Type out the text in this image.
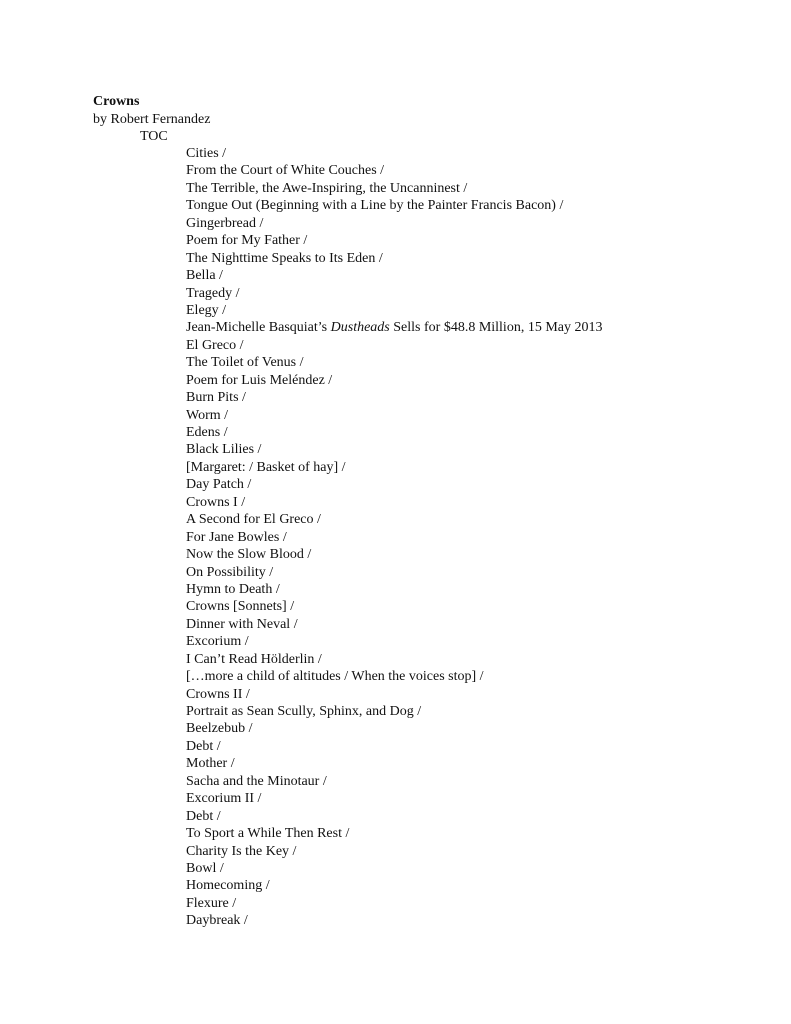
Crowns
by Robert Fernandez
TOC
Cities /
From the Court of White Couches /
The Terrible, the Awe-Inspiring, the Uncanninest /
Tongue Out (Beginning with a Line by the Painter Francis Bacon) /
Gingerbread /
Poem for My Father /
The Nighttime Speaks to Its Eden /
Bella /
Tragedy /
Elegy /
Jean-Michelle Basquiat’s Dustheads Sells for $48.8 Million, 15 May 2013
El Greco /
The Toilet of Venus /
Poem for Luis Meléndez /
Burn Pits /
Worm /
Edens /
Black Lilies /
[Margaret: / Basket of hay] /
Day Patch /
Crowns I /
A Second for El Greco /
For Jane Bowles /
Now the Slow Blood /
On Possibility /
Hymn to Death /
Crowns [Sonnets] /
Dinner with Neval /
Excorium /
I Can’t Read Hölderlin /
[…more a child of altitudes / When the voices stop] /
Crowns II /
Portrait as Sean Scully, Sphinx, and Dog /
Beelzebub /
Debt /
Mother /
Sacha and the Minotaur /
Excorium II /
Debt /
To Sport a While Then Rest /
Charity Is the Key /
Bowl /
Homecoming /
Flexure /
Daybreak /
